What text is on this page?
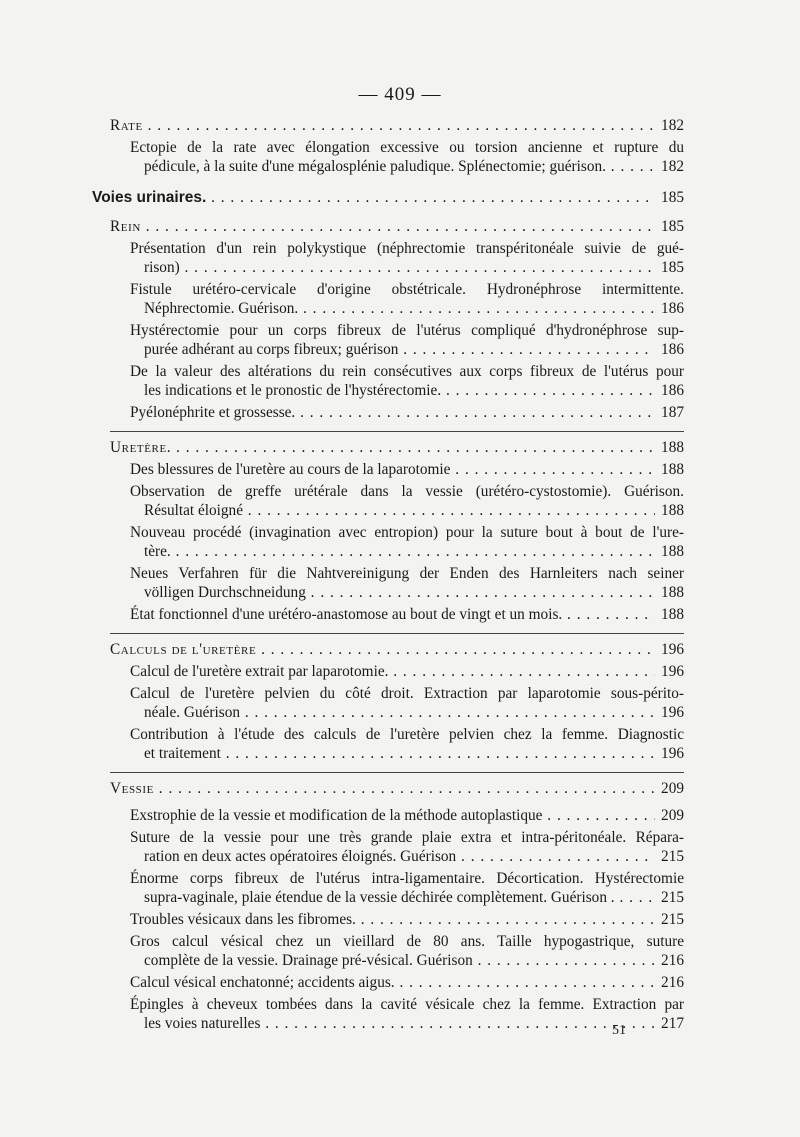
— 409 —
Rate . . .	182
Ectopie de la rate avec élongation excessive ou torsion ancienne et rupture du
pédicule, à la suite d'une mégalosplénie paludique. Splénectomie; guérison. . . .	182
Voies urinaires. . . .	185
Rein . . .	185
Présentation d'un rein polykystique (néphrectomie transpéritonéale suivie de gué-
rison) . . .	185
Fistule urétéro-cervicale d'origine obstétricale. Hydronéphrose intermittente.
Néphrectomie. Guérison. . . .	186
Hystérectomie pour un corps fibreux de l'utérus compliqué d'hydronéphrose sup-
purée adhérant au corps fibreux; guérison . . .	186
De la valeur des altérations du rein consécutives aux corps fibreux de l'utérus pour
les indications et le pronostic de l'hystérectomie. . . .	186
Pyélonéphrite et grossesse. . . .	187
Uretère. . . .	188
Des blessures de l'uretère au cours de la laparotomie . . .	188
Observation de greffe urétérale dans la vessie (urétéro-cystostomie). Guérison.
Résultat éloigné . . .	188
Nouveau procédé (invagination avec entropion) pour la suture bout à bout de l'ure-
tère. . . .	188
Neues Verfahren für die Nahtvereinigung der Enden des Harnleiters nach seiner
völligen Durchschneidung . . .	188
État fonctionnel d'une urétéro-anastomose au bout de vingt et un mois. . . .	188
Calculs de l'uretère . . .	196
Calcul de l'uretère extrait par laparotomie. . . .	196
Calcul de l'uretère pelvien du côté droit. Extraction par laparotomie sous-périto-
néale. Guérison . . .	196
Contribution à l'étude des calculs de l'uretère pelvien chez la femme. Diagnostic
et traitement . . .	196
Vessie . . .	209
Exstrophie de la vessie et modification de la méthode autoplastique . . .	209
Suture de la vessie pour une très grande plaie extra et intra-péritonéale. Répara-
ration en deux actes opératoires éloignés. Guérison . . .	215
Énorme corps fibreux de l'utérus intra-ligamentaire. Décortication. Hystérectomie
supra-vaginale, plaie étendue de la vessie déchirée complètement. Guérison . . . .	215
Troubles vésicaux dans les fibromes. . . .	215
Gros calcul vésical chez un vieillard de 80 ans. Taille hypogastrique, suture
complète de la vessie. Drainage pré-vésical. Guérison . . .	216
Calcul vésical enchatonné; accidents aigus. . . .	216
Épingles à cheveux tombées dans la cavité vésicale chez la femme. Extraction par
les voies naturelles . . .	217
51
